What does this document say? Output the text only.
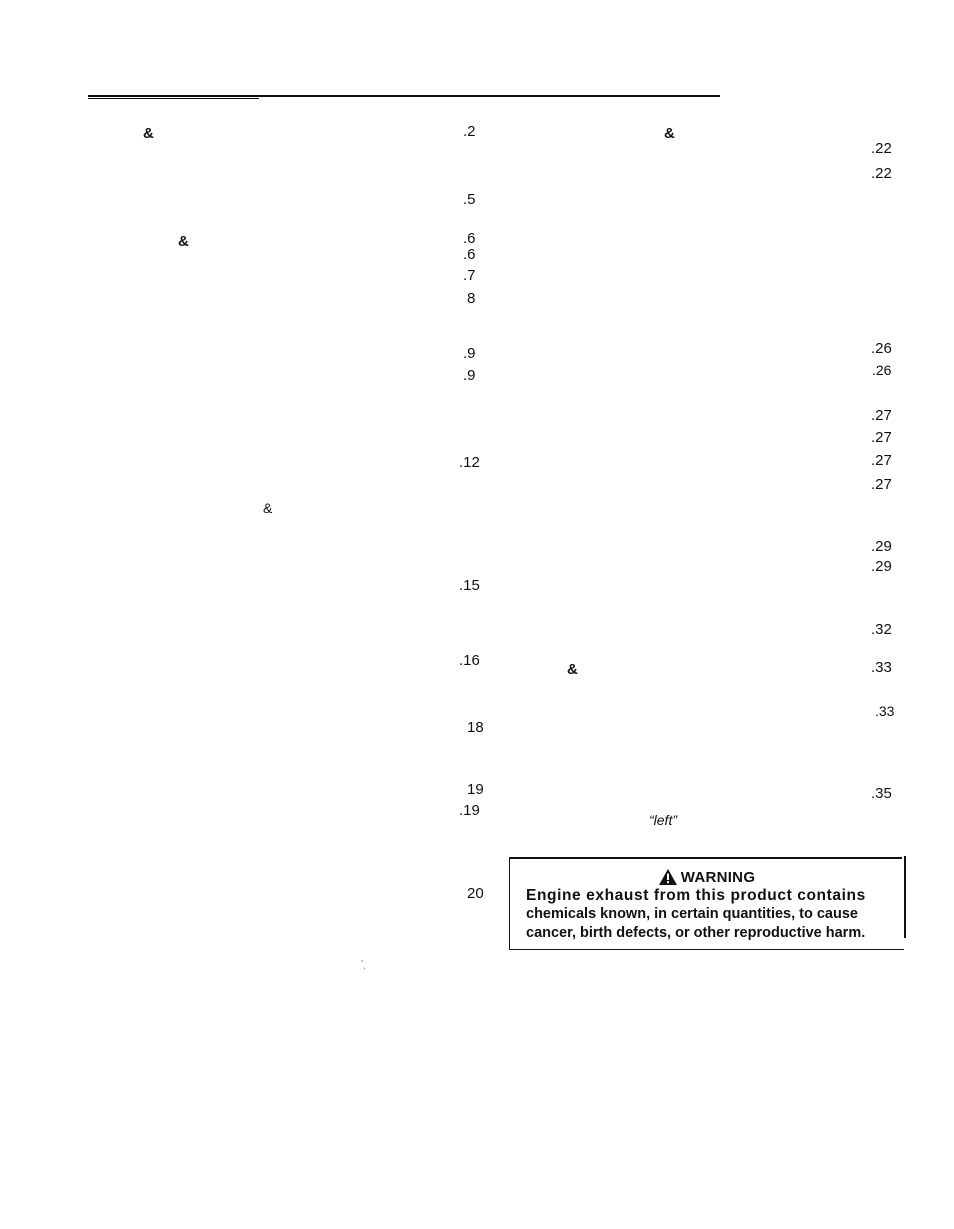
&
&
&
.2
.5
.6
.6
.7
8
.9
.9
.12
.15
.16
18
19
.19
20
ʼˎ
&
&
“left”
.22
.22
.26
.26
.27
.27
.27
.27
.29
.29
.32
.33
.33
.35
WARNING
Engine exhaust from this product contains
chemicals known, in certain quantities, to cause
cancer, birth defects, or other reproductive harm.
